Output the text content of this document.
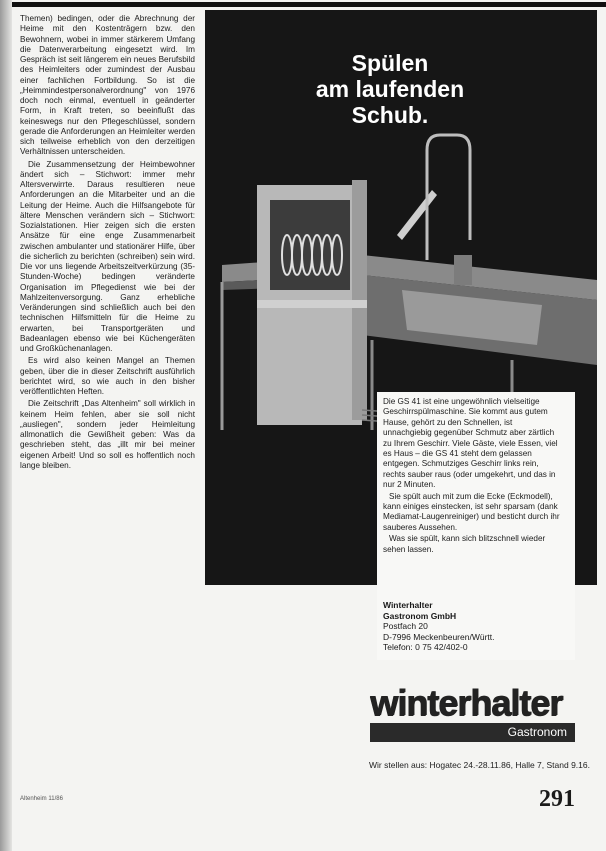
Themen) bedingen, oder die Abrechnung der Heime mit den Kostenträgern bzw. den Bewohnern, wobei in immer stärkerem Umfang die Datenverarbeitung eingesetzt wird. Im Gespräch ist seit längerem ein neues Berufsbild des Heimleiters oder zumindest der Ausbau einer fachlichen Fortbildung. So ist die „Heimmindestpersonalverordnung" von 1976 doch noch einmal, eventuell in geänderter Form, in Kraft treten, so beeinflußt das keineswegs nur den Pflegeschlüssel, sondern gerade die Anforderungen an Heimleiter werden sich teilweise erheblich von den derzeitigen Verhältnissen unterscheiden.

Die Zusammensetzung der Heimbewohner ändert sich – Stichwort: immer mehr Altersverwirrte. Daraus resultieren neue Anforderungen an die Mitarbeiter und an die Leitung der Heime. Auch die Hilfsangebote für ältere Menschen verändern sich – Stichwort: Sozialstationen. Hier zeigen sich die ersten Ansätze für eine enge Zusammenarbeit zwischen ambulanter und stationärer Hilfe, über die sicherlich zu berichten (schreiben) sein wird. Die vor uns liegende Arbeitszeitverkürzung (35-Stunden-Woche) bedingen veränderte Organisation im Pflegedienst wie bei der Mahlzeitenversorgung. Ganz erhebliche Veränderungen sind schließlich auch bei den technischen Hilfsmitteln für die Heime zu erwarten, bei Transportgeräten und Badeanlagen ebenso wie bei Küchengeräten und Großküchenanlagen.

Es wird also keinen Mangel an Themen geben, über die in dieser Zeitschrift ausführlich berichtet wird, so wie auch in den bisher veröffentlichten Heften.

Die Zeitschrift „Das Altenheim" soll wirklich in keinem Heim fehlen, aber sie soll nicht „ausliegen", sondern jeder Heimleitung allmonatlich die Gewißheit geben: Was da geschrieben steht, das „illt mir bei meiner eigenen Arbeit! Und so soll es hoffentlich noch lange bleiben.

Spülen
am laufenden
Schub.

Die GS 41 ist eine ungewöhnlich vielseitige Geschirrspülmaschine. Sie kommt aus gutem Hause, gehört zu den Schnellen, ist unnachgiebig gegenüber Schmutz aber zärtlich zu Ihrem Geschirr. Viele Gäste, viele Essen, viel es Haus – die GS 41 steht dem gelassen entgegen. Schmutziges Geschirr links rein, rechts sauber raus (oder umgekehrt, und das in nur 2 Minuten.

Sie spült auch mit zum die Ecke (Eckmodell), kann einiges einstecken, ist sehr sparsam (dank Mediamat-Laugenreiniger) und besticht durch ihr sauberes Aussehen.

Was sie spült, kann sich blitzschnell wieder sehen lassen.

Winterhalter
Gastronom GmbH
Postfach 20
D-7996 Meckenbeuren/Württ.
Telefon: 0 75 42/402-0
winterhalter
Gastronom
Wir stellen aus: Hogatec 24.-28.11.86, Halle 7, Stand 9.16.
Altenheim 11/86	291
